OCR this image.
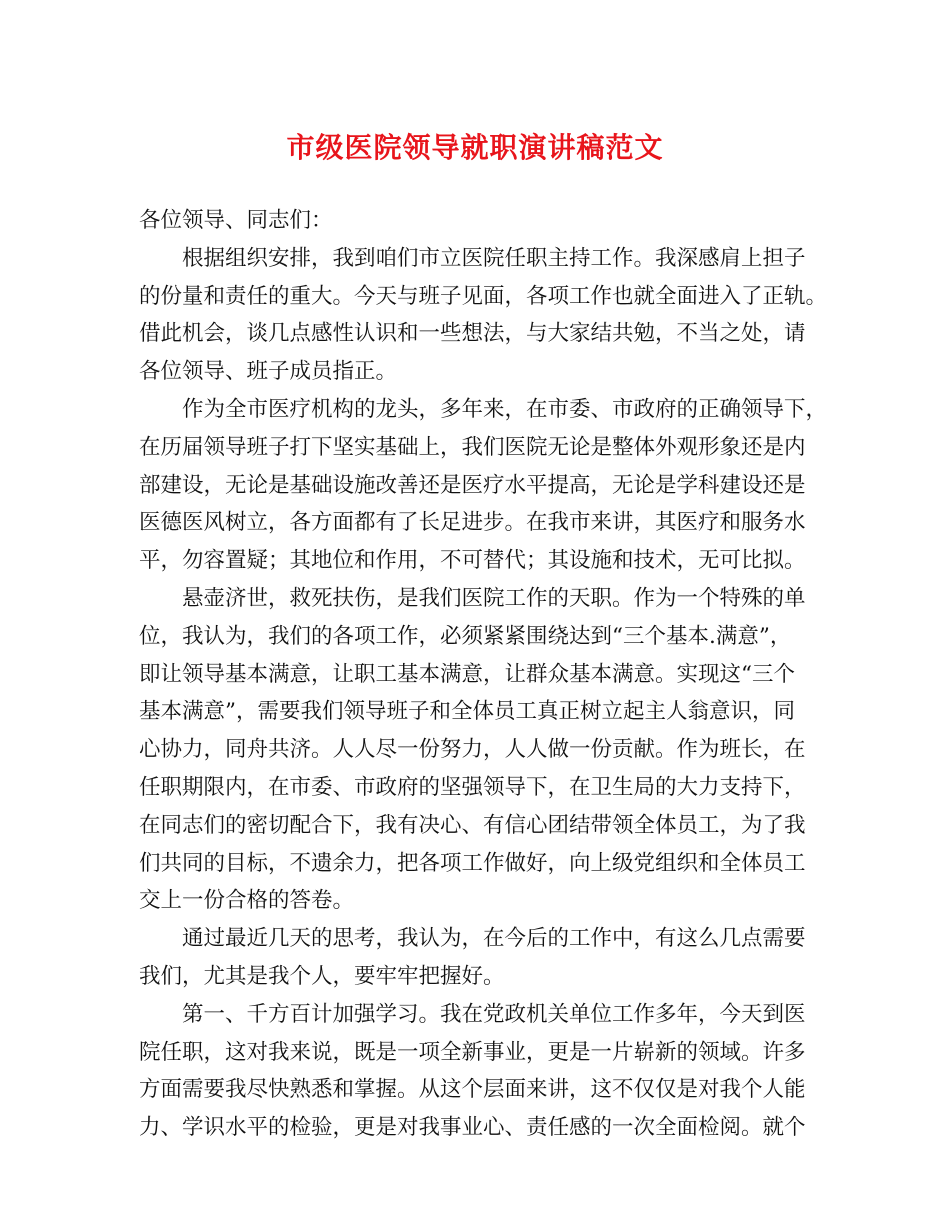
市级医院领导就职演讲稿范文
各位领导、同志们：
根据组织安排，我到咱们市立医院任职主持工作。我深感肩上担子
的份量和责任的重大。今天与班子见面，各项工作也就全面进入了正轨。
借此机会，谈几点感性认识和一些想法，与大家结共勉，不当之处，请
各位领导、班子成员指正。
作为全市医疗机构的龙头，多年来，在市委、市政府的正确领导下，
在历届领导班子打下坚实基础上，我们医院无论是整体外观形象还是内
部建设，无论是基础设施改善还是医疗水平提高，无论是学科建设还是
医德医风树立，各方面都有了长足进步。在我市来讲，其医疗和服务水
平，勿容置疑；其地位和作用，不可替代；其设施和技术，无可比拟。
悬壶济世，救死扶伤，是我们医院工作的天职。作为一个特殊的单
位，我认为，我们的各项工作，必须紧紧围绕达到“三个基本.满意”，
即让领导基本满意，让职工基本满意，让群众基本满意。实现这“三个
基本满意”，需要我们领导班子和全体员工真正树立起主人翁意识，同
心协力，同舟共济。人人尽一份努力，人人做一份贡献。作为班长，在
任职期限内，在市委、市政府的坚强领导下，在卫生局的大力支持下，
在同志们的密切配合下，我有决心、有信心团结带领全体员工，为了我
们共同的目标，不遗余力，把各项工作做好，向上级党组织和全体员工
交上一份合格的答卷。
通过最近几天的思考，我认为，在今后的工作中，有这么几点需要
我们，尤其是我个人，要牢牢把握好。
第一、千方百计加强学习。我在党政机关单位工作多年，今天到医
院任职，这对我来说，既是一项全新事业，更是一片崭新的领域。许多
方面需要我尽快熟悉和掌握。从这个层面来讲，这不仅仅是对我个人能
力、学识水平的检验，更是对我事业心、责任感的一次全面检阅。就个
